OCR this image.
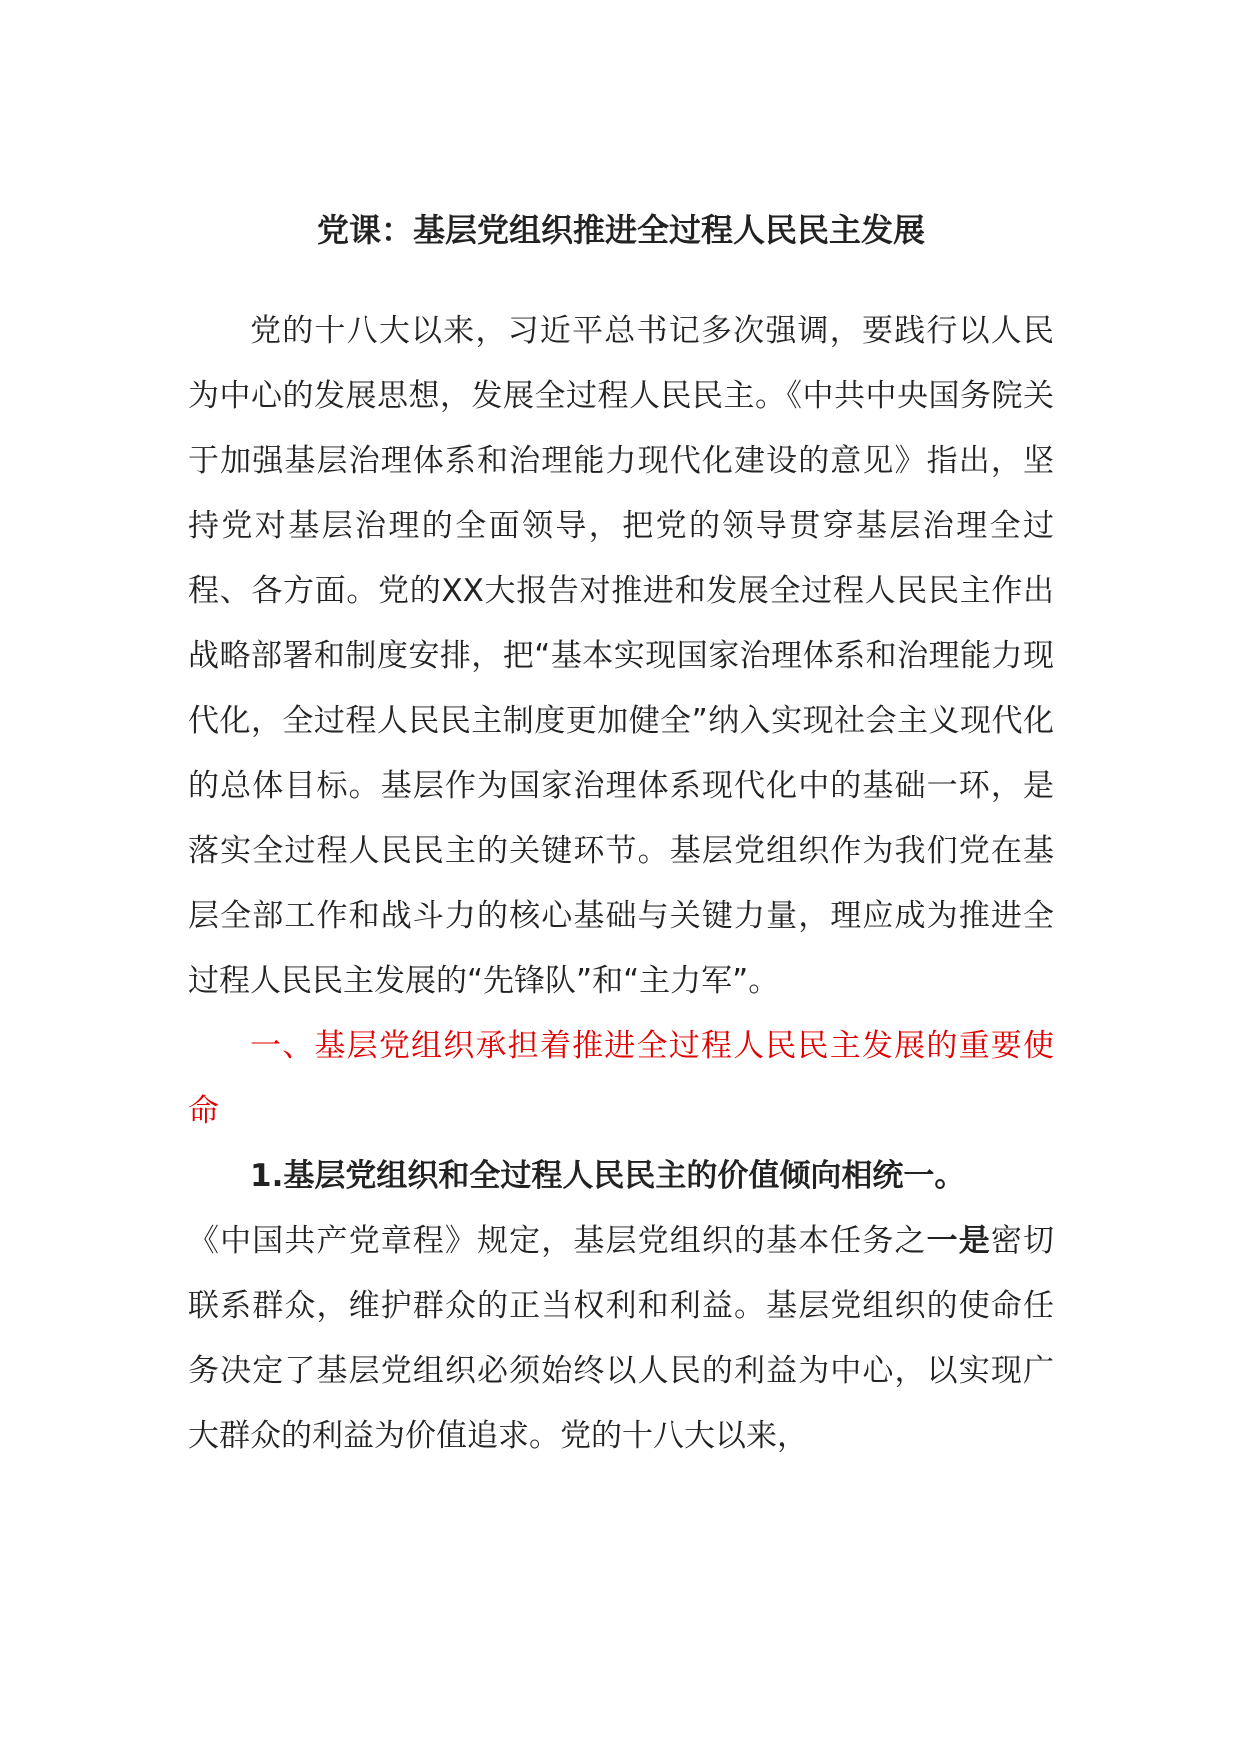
党课：基层党组织推进全过程人民民主发展

党的十八大以来，习近平总书记多次强调，要践行以人民为中心的发展思想，发展全过程人民民主。《中共中央国务院关于加强基层治理体系和治理能力现代化建设的意见》指出，坚持党对基层治理的全面领导，把党的领导贯穿基层治理全过程、各方面。党的XX大报告对推进和发展全过程人民民主作出战略部署和制度安排，把“基本实现国家治理体系和治理能力现代化，全过程人民民主制度更加健全”纳入实现社会主义现代化的总体目标。基层作为国家治理体系现代化中的基础一环，是落实全过程人民民主的关键环节。基层党组织作为我们党在基层全部工作和战斗力的核心基础与关键力量，理应成为推进全过程人民民主发展的“先锋队”和“主力军”。

一、基层党组织承担着推进全过程人民民主发展的重要使命

1.基层党组织和全过程人民民主的价值倾向相统一。

《中国共产党章程》规定，基层党组织的基本任务之一是密切联系群众，维护群众的正当权利和利益。基层党组织的使命任务决定了基层党组织必须始终以人民的利益为中心，以实现广大群众的利益为价值追求。党的十八大以来，
